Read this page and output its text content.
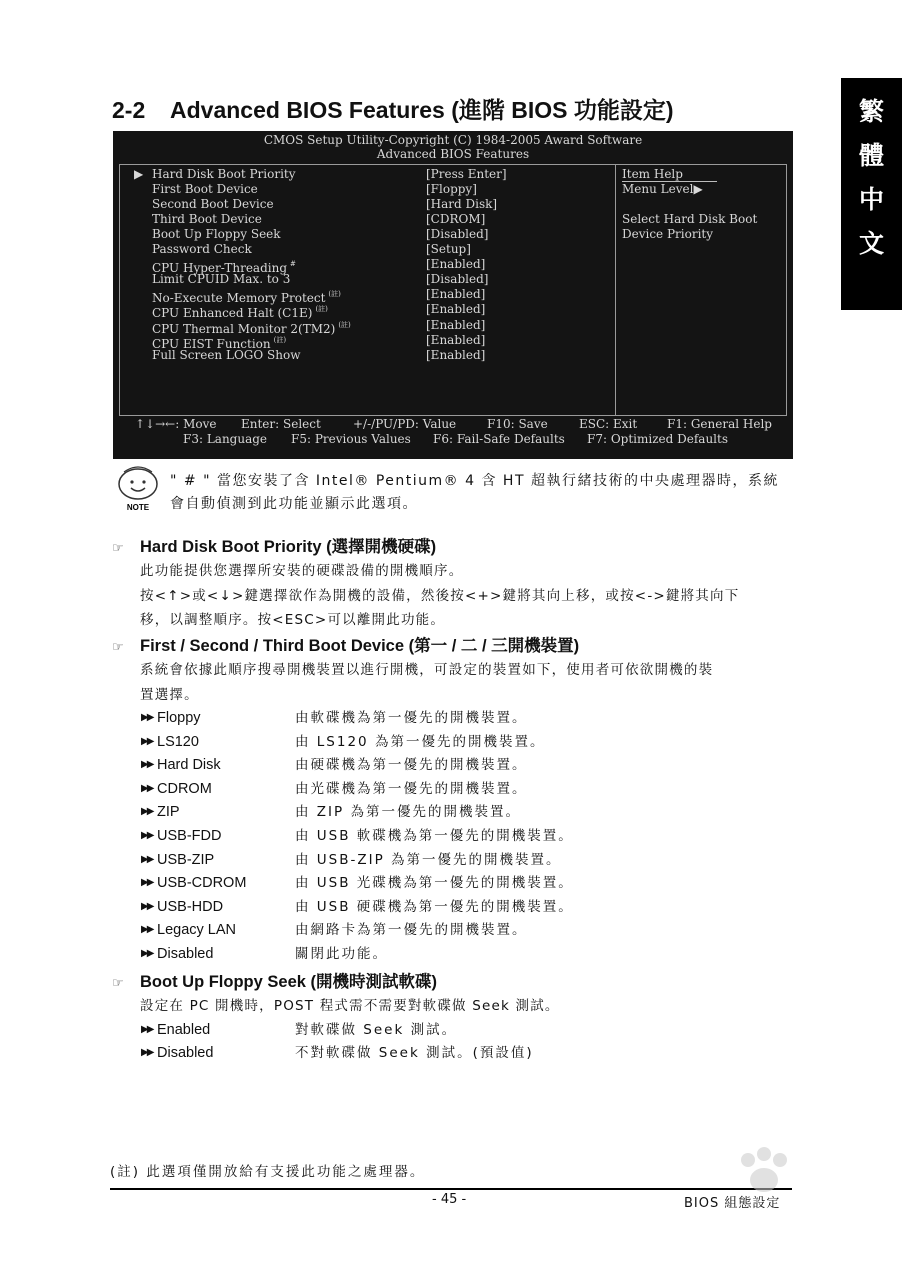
繁
體
中
文
2-2 Advanced BIOS Features (進階 BIOS 功能設定)
CMOS Setup Utility-Copyright (C) 1984-2005 Award Software
Advanced BIOS Features
▶ Hard Disk Boot Priority	[Press Enter]
First Boot Device	[Floppy]
Second Boot Device	[Hard Disk]
Third Boot Device	[CDROM]
Boot Up Floppy Seek	[Disabled]
Password Check	[Setup]
CPU Hyper-Threading #	[Enabled]
Limit CPUID Max. to 3	[Disabled]
No-Execute Memory Protect $^{(註)}$	[Enabled]
CPU Enhanced Halt (C1E) $^{(註)}$	[Enabled]
CPU Thermal Monitor 2(TM2) $^{(註)}$	[Enabled]
CPU EIST Function $^{(註)}$	[Enabled]
Full Screen LOGO Show	[Enabled]
Item Help
Menu Level▶
Select Hard Disk Boot
Device Priority
↑↓→←: Move Enter: Select	+/-/PU/PD: Value	F10: Save	ESC: Exit F1: General Help
F3: Language F5: Previous Values F6: Fail-Safe Defaults F7: Optimized Defaults
NOTE
" # " 當您安裝了含 Intel® Pentium® 4 含 HT 超執行緒技術的中央處理器時，系統
會自動偵測到此功能並顯示此選項。
(註) 此選項僅開放給有支援此功能之處理器。
- 45 -	BIOS 組態設定
☞ Hard Disk Boot Priority (選擇開機硬碟)
此功能提供您選擇所安裝的硬碟設備的開機順序。
按<↑>或<↓>鍵選擇欲作為開機的設備，然後按<+>鍵將其向上移，或按<->鍵將其向下
移，以調整順序。按<ESC>可以離開此功能。
☞ First / Second / Third Boot Device (第一 / 二 / 三開機裝置)
系統會依據此順序搜尋開機裝置以進行開機，可設定的裝置如下，使用者可依欲開機的裝
置選擇。
▶▶ Floppy	由軟碟機為第一優先的開機裝置。
▶▶ LS120	由 LS120 為第一優先的開機裝置。
▶▶ Hard Disk	由硬碟機為第一優先的開機裝置。
▶▶ CDROM	由光碟機為第一優先的開機裝置。
▶▶ ZIP	由 ZIP 為第一優先的開機裝置。
▶▶ USB-FDD	由 USB 軟碟機為第一優先的開機裝置。
▶▶ USB-ZIP	由 USB-ZIP 為第一優先的開機裝置。
▶▶ USB-CDROM	由 USB 光碟機為第一優先的開機裝置。
▶▶ USB-HDD	由 USB 硬碟機為第一優先的開機裝置。
▶▶ Legacy LAN	由網路卡為第一優先的開機裝置。
▶▶ Disabled	關閉此功能。
☞ Boot Up Floppy Seek (開機時測試軟碟)
設定在 PC 開機時，POST 程式需不需要對軟碟做 Seek 測試。
▶▶ Enabled	對軟碟做 Seek 測試。
▶▶ Disabled	不對軟碟做 Seek 測試。(預設值)
